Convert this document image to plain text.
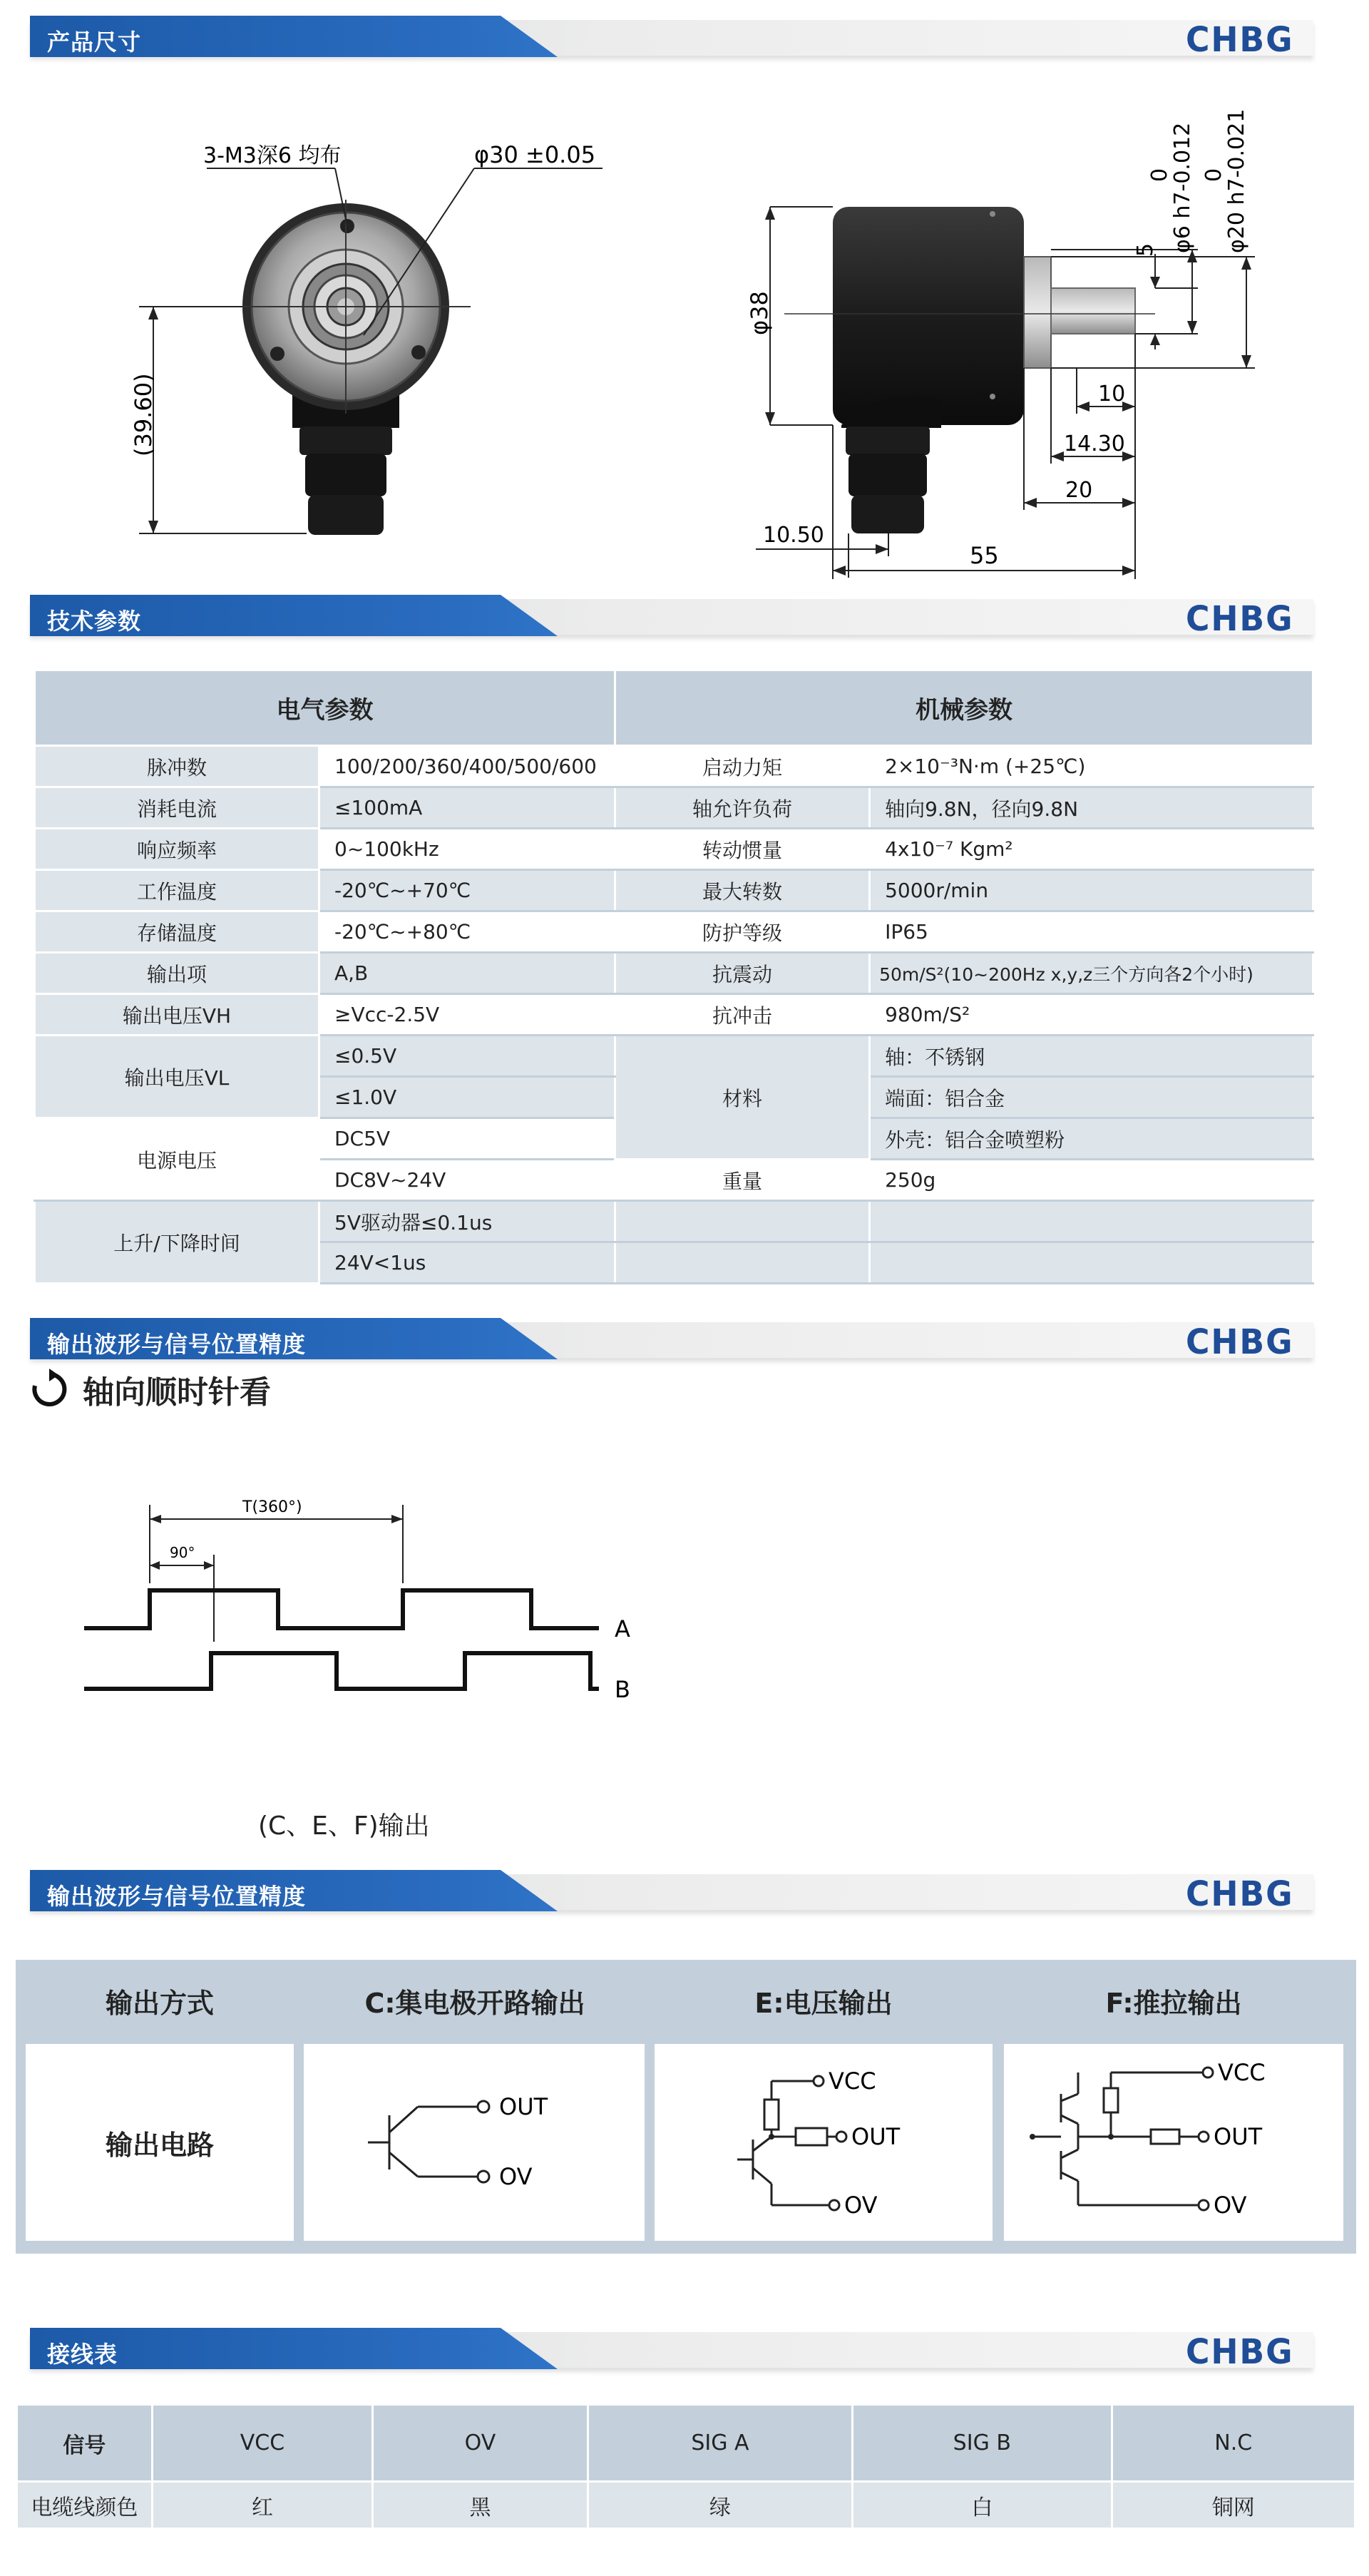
产品尺寸	CHBG
3-M3深6 均布	φ30 ±0.05
(39.60)
φ38
5
0
φ6 h7-0.012 0
φ20 h7-0.021
10
14.30
20
10.50
55
技术参数	CHBG
电气参数		机械参数	
脉冲数	100/200/360/400/500/600	启动力矩	2×10⁻³N·m (+25℃)
消耗电流	≤100mA	轴允许负荷	轴向9.8N，径向9.8N
响应频率	0~100kHz	转动惯量	4x10⁻⁷ Kgm²
工作温度	-20℃~+70℃	最大转数	5000r/min
存储温度	-20℃~+80℃	防护等级	IP65
输出项	A,B	抗震动	50m/S²(10~200Hz x,y,z三个方向各2个小时)
输出电压VH	≥Vcc-2.5V	抗冲击	980m/S²
输出电压VL	≤0.5V	材料	轴：不锈钢
	≤1.0V		端面：铝合金
电源电压	DC5V		外壳：铝合金喷塑粉
	DC8V~24V	重量	250g
上升/下降时间	5V驱动器≤0.1us		
	24V<1us		
输出波形与信号位置精度	CHBG
轴向顺时针看
T(360°)
90°
A
B
(C、E、F)输出
输出波形与信号位置精度	CHBG
输出方式	C:集电极开路输出	E:电压输出	F:推拉输出
输出电路
OUT
OV
VCC
OUT
OV
VCC
OUT
OV
接线表	CHBG
信号	VCC	OV	SIG A	SIG B	N.C
电缆线颜色	红	黑	绿	白	铜网
